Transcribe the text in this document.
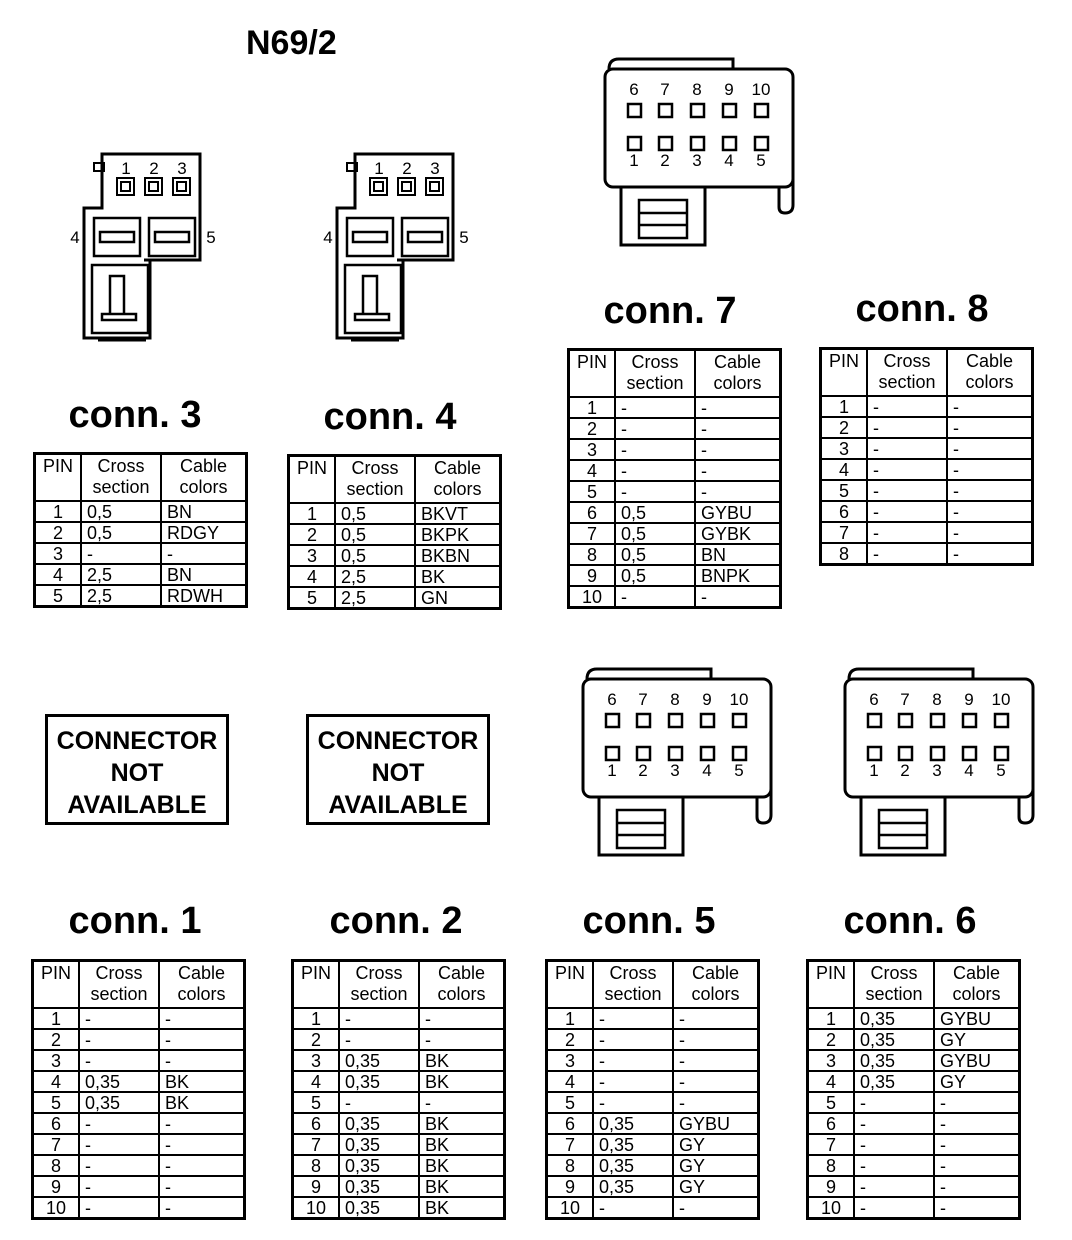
N69/2
1 2 3
4	5
1 2 3
4	5
6
1
7
2
8
3
9
4
10
5
6
1
7
2
8
3
9
4
10
5
6
1
7
2
8
3
9
4
10
5
conn. 3	conn. 4
conn. 7	conn. 8
conn. 1	conn. 2	conn. 5	conn. 6
PIN	Cross section	Cable colors
1	0,5	BN
2	0,5	RDGY
3	-	-
4	2,5	BN
5	2,5	RDWH
PIN	Cross section	Cable colors
1	0,5	BKVT
2	0,5	BKPK
3	0,5	BKBN
4	2,5	BK
5	2,5	GN
PIN	Cross section	Cable colors
1	-	-
2	-	-
3	-	-
4	-	-
5	-	-
6	0,5	GYBU
7	0,5	GYBK
8	0,5	BN
9	0,5	BNPK
10	-	-
PIN	Cross section	Cable colors
1	-	-
2	-	-
3	-	-
4	-	-
5	-	-
6	-	-
7	-	-
8	-	-
PIN	Cross section	Cable colors
1	-	-
2	-	-
3	-	-
4	0,35	BK
5	0,35	BK
6	-	-
7	-	-
8	-	-
9	-	-
10	-	-
PIN	Cross section	Cable colors
1	-	-
2	-	-
3	0,35	BK
4	0,35	BK
5	-	-
6	0,35	BK
7	0,35	BK
8	0,35	BK
9	0,35	BK
10	0,35	BK
PIN	Cross section	Cable colors
1	-	-
2	-	-
3	-	-
4	-	-
5	-	-
6	0,35	GYBU
7	0,35	GY
8	0,35	GY
9	0,35	GY
10	-	-
PIN	Cross section	Cable colors
1	0,35	GYBU
2	0,35	GY
3	0,35	GYBU
4	0,35	GY
5	-	-
6	-	-
7	-	-
8	-	-
9	-	-
10	-	-
CONNECTOR
NOT
AVAILABLE
CONNECTOR
NOT
AVAILABLE
